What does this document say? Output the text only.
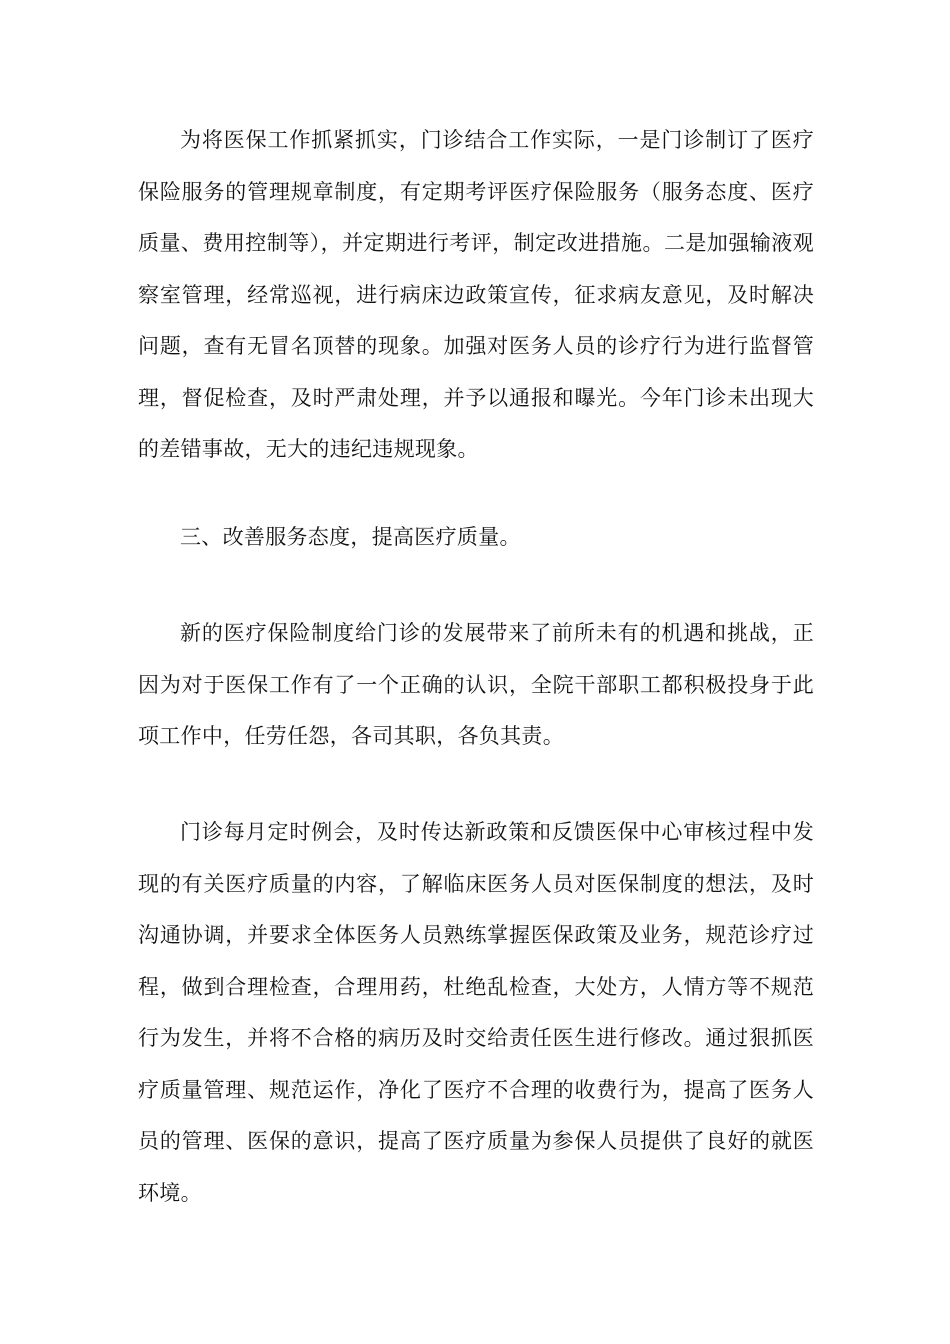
为将医保工作抓紧抓实，门诊结合工作实际，一是门诊制订了医疗保险服务的管理规章制度，有定期考评医疗保险服务（服务态度、医疗质量、费用控制等），并定期进行考评，制定改进措施。二是加强输液观察室管理，经常巡视，进行病床边政策宣传，征求病友意见，及时解决问题，查有无冒名顶替的现象。加强对医务人员的诊疗行为进行监督管理，督促检查，及时严肃处理，并予以通报和曝光。今年门诊未出现大的差错事故，无大的违纪违规现象。

三、改善服务态度，提高医疗质量。

新的医疗保险制度给门诊的发展带来了前所未有的机遇和挑战，正因为对于医保工作有了一个正确的认识，全院干部职工都积极投身于此项工作中，任劳任怨，各司其职，各负其责。

门诊每月定时例会，及时传达新政策和反馈医保中心审核过程中发现的有关医疗质量的内容，了解临床医务人员对医保制度的想法，及时沟通协调，并要求全体医务人员熟练掌握医保政策及业务，规范诊疗过程，做到合理检查，合理用药，杜绝乱检查，大处方，人情方等不规范行为发生，并将不合格的病历及时交给责任医生进行修改。通过狠抓医疗质量管理、规范运作，净化了医疗不合理的收费行为，提高了医务人员的管理、医保的意识，提高了医疗质量为参保人员提供了良好的就医环境。
